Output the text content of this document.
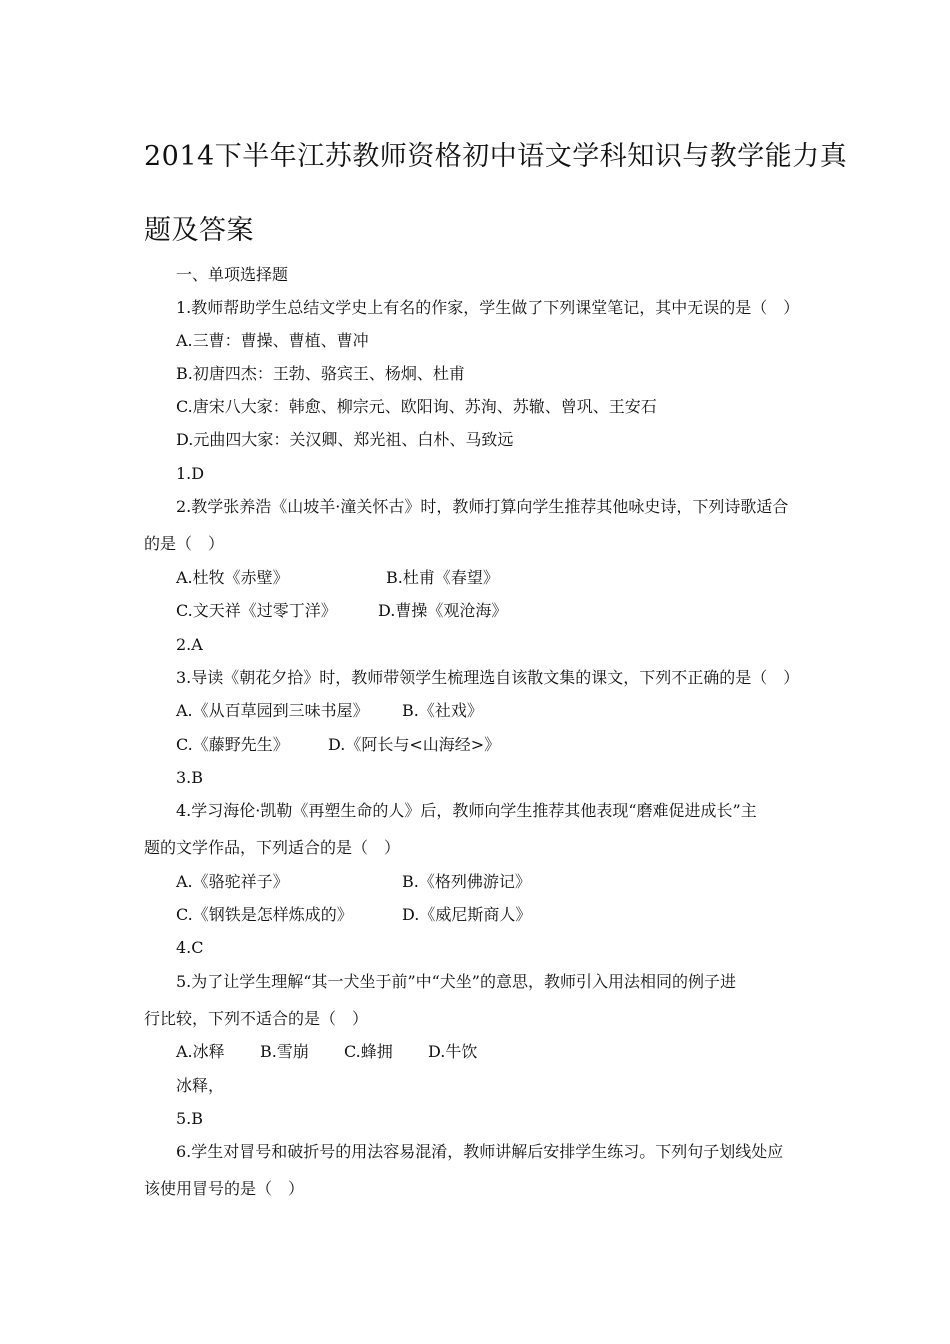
2014下半年江苏教师资格初中语文学科知识与教学能力真
题及答案
一、单项选择题
1.教师帮助学生总结文学史上有名的作家，学生做了下列课堂笔记，其中无误的是（　）
A.三曹：曹操、曹植、曹冲
B.初唐四杰：王勃、骆宾王、杨炯、杜甫
C.唐宋八大家：韩愈、柳宗元、欧阳询、苏洵、苏辙、曾巩、王安石
D.元曲四大家：关汉卿、郑光祖、白朴、马致远
1.D
2.教学张养浩《山坡羊·潼关怀古》时，教师打算向学生推荐其他咏史诗，下列诗歌适合
的是（　）
A.杜牧《赤壁》	B.杜甫《春望》
C.文天祥《过零丁洋》	D.曹操《观沧海》
2.A
3.导读《朝花夕拾》时，教师带领学生梳理选自该散文集的课文，下列不正确的是（　）
A.《从百草园到三味书屋》 B.《社戏》
C.《藤野先生》 D.《阿长与<山海经>》
3.B
4.学习海伦·凯勒《再塑生命的人》后，教师向学生推荐其他表现“磨难促进成长”主
题的文学作品，下列适合的是（　）
A.《骆驼祥子》	B.《格列佛游记》
C.《钢铁是怎样炼成的》	D.《威尼斯商人》
4.C
5.为了让学生理解“其一犬坐于前”中“犬坐”的意思，教师引入用法相同的例子进
行比较，下列不适合的是（　）
A.冰释 B.雪崩 C.蜂拥 D.牛饮
冰释，
5.B
6.学生对冒号和破折号的用法容易混淆，教师讲解后安排学生练习。下列句子划线处应
该使用冒号的是（　）
